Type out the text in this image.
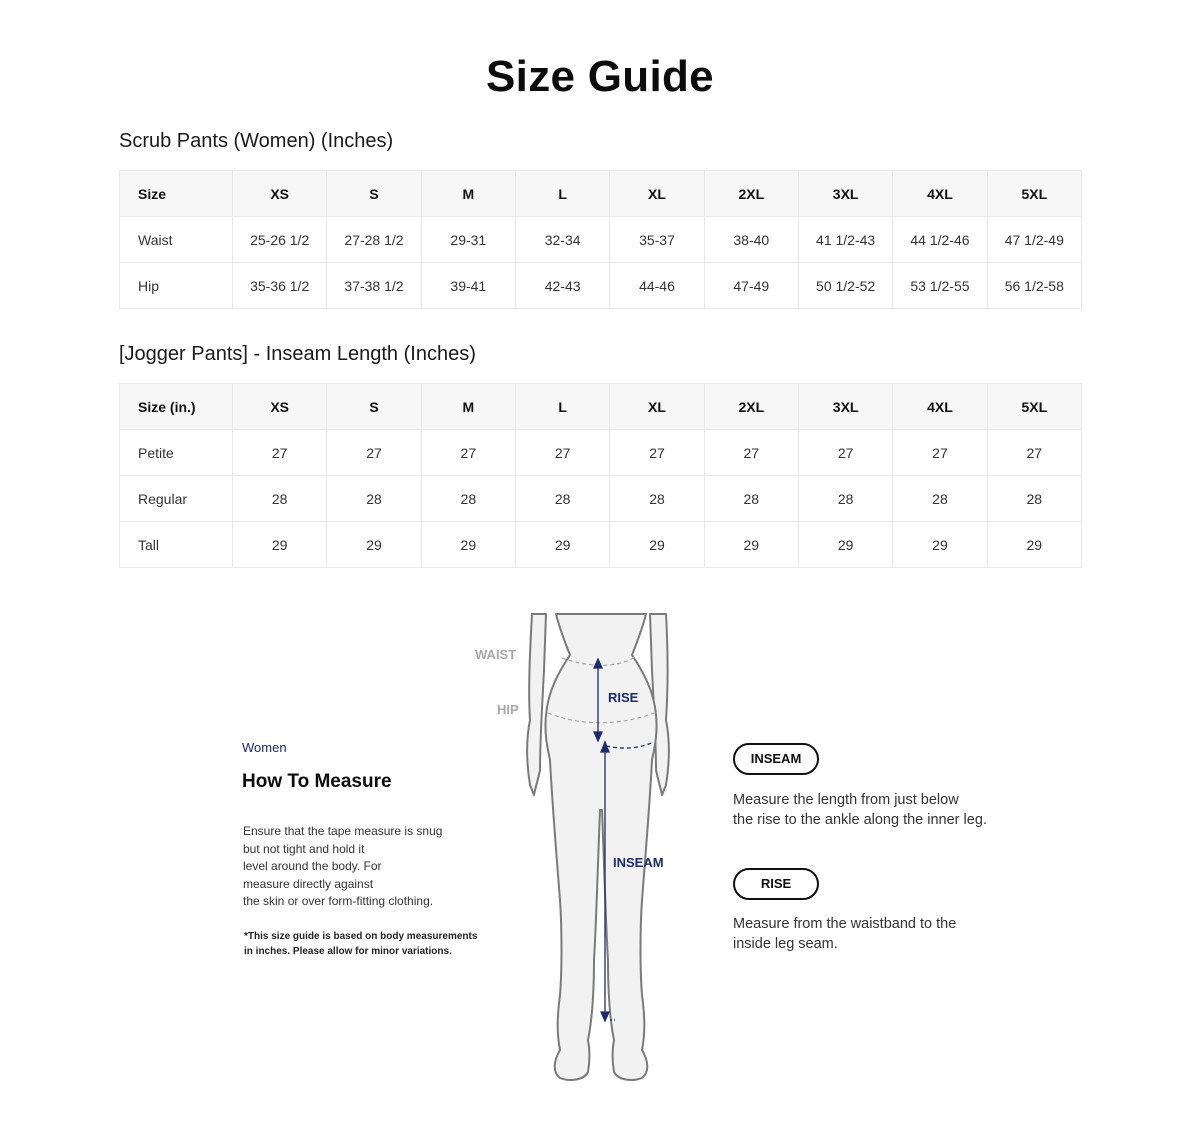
Size Guide
Scrub Pants (Women) (Inches)
Size	XS	S	M	L	XL	2XL	3XL	4XL	5XL
Waist	25-26 1/2	27-28 1/2	29-31	32-34	35-37	38-40	41 1/2-43	44 1/2-46	47 1/2-49
Hip	35-36 1/2	37-38 1/2	39-41	42-43	44-46	47-49	50 1/2-52	53 1/2-55	56 1/2-58
[Jogger Pants] - Inseam Length (Inches)
Size (in.)	XS	S	M	L	XL	2XL	3XL	4XL	5XL
Petite	27	27	27	27	27	27	27	27	27
Regular	28	28	28	28	28	28	28	28	28
Tall	29	29	29	29	29	29	29	29	29
WAIST
HIP
RISE
INSEAM

Women

How To Measure

Ensure that the tape measure is snug
but not tight and hold it
level around the body. For
measure directly against
the skin or over form-fitting clothing.

*This size guide is based on body measurements
in inches. Please allow for minor variations.

INSEAM

Measure the length from just below
the rise to the ankle along the inner leg.

RISE

Measure from the waistband to the
inside leg seam.
